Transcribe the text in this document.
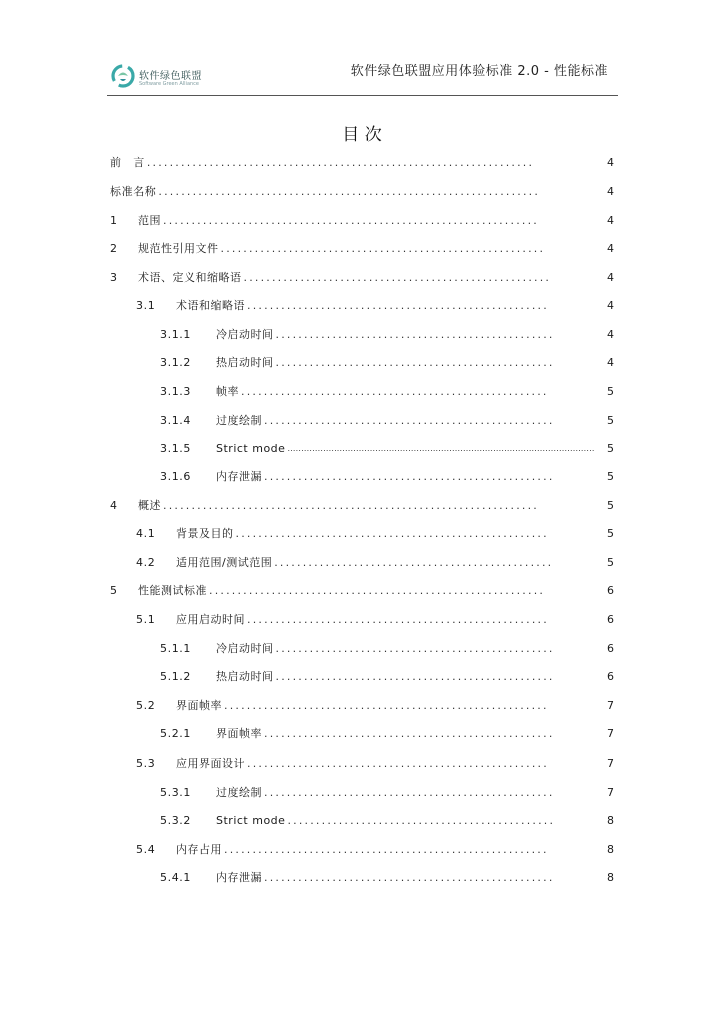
软件绿色联盟
Software Green Alliance
软件绿色联盟应用体验标准 2.0 - 性能标准
目 次
前　言	4
....................................................................
标准名称	4
...................................................................
1	范围	4
..................................................................
2	规范性引用文件	4
.........................................................
3	术语、定义和缩略语	4
......................................................
3.1	术语和缩略语	4
.....................................................
3.1.1	冷启动时间	4
.................................................
3.1.2	热启动时间	4
.................................................
3.1.3	帧率	5
......................................................
3.1.4	过度绘制	5
...................................................
3.1.5	Strict mode	5
................................................................................................................
3.1.6	内存泄漏	5
...................................................
4	概述	5
..................................................................
4.1	背景及目的	5
.......................................................
4.2	适用范围/测试范围	5
.................................................
5	性能测试标准	6
...........................................................
5.1	应用启动时间	6
.....................................................
5.1.1	冷启动时间	6
.................................................
5.1.2	热启动时间	6
.................................................
5.2	界面帧率	7
.........................................................
5.2.1	界面帧率	7
...................................................
5.3	应用界面设计	7
.....................................................
5.3.1	过度绘制	7
...................................................
5.3.2	Strict mode	8
...............................................
5.4	内存占用	8
.........................................................
5.4.1	内存泄漏	8
...................................................
